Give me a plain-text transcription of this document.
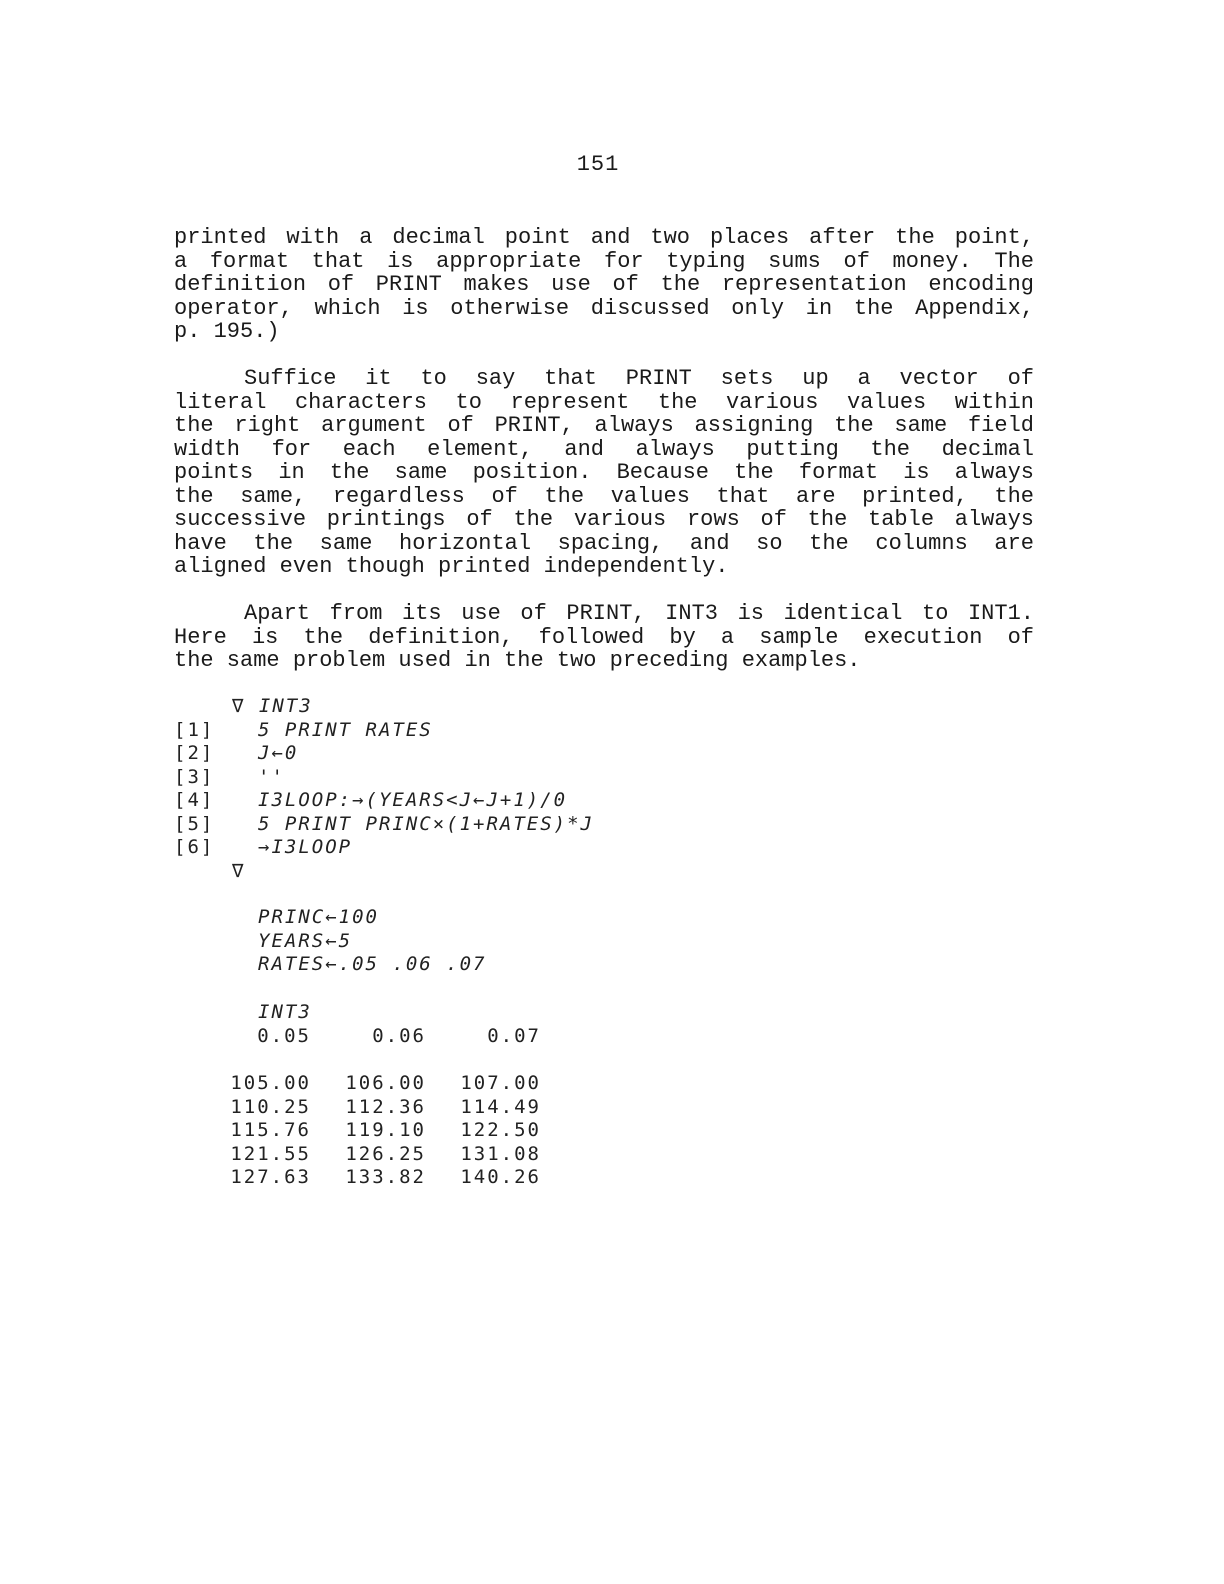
151
printed with a decimal point and two places after the point,
a format that is appropriate for typing sums of money. The
definition of PRINT makes use of the representation encoding
operator, which is otherwise discussed only in the Appendix,
p. 195.)
Suffice it to say that PRINT sets up a vector of
literal characters to represent the various values within
the right argument of PRINT, always assigning the same field
width for each element, and always putting the decimal
points in the same position. Because the format is always
the same, regardless of the values that are printed, the
successive printings of the various rows of the table always
have the same horizontal spacing, and so the columns are
aligned even though printed independently.
Apart from its use of PRINT, INT3 is identical to INT1.
Here is the definition, followed by a sample execution of
the same problem used in the two preceding examples.
∇ INT3
[1] 5 PRINT RATES
[2] J←0
[3] ''
[4] I3LOOP:→(YEARS<J←J+1)/0
[5] 5 PRINT PRINC×(1+RATES)*J
[6] →I3LOOP
∇
PRINC←100
YEARS←5
RATES←.05 .06 .07
INT3
0.05	0.06	0.07

105.00	106.00	107.00
110.25	112.36	114.49
115.76	119.10	122.50
121.55	126.25	131.08
127.63	133.82	140.26
